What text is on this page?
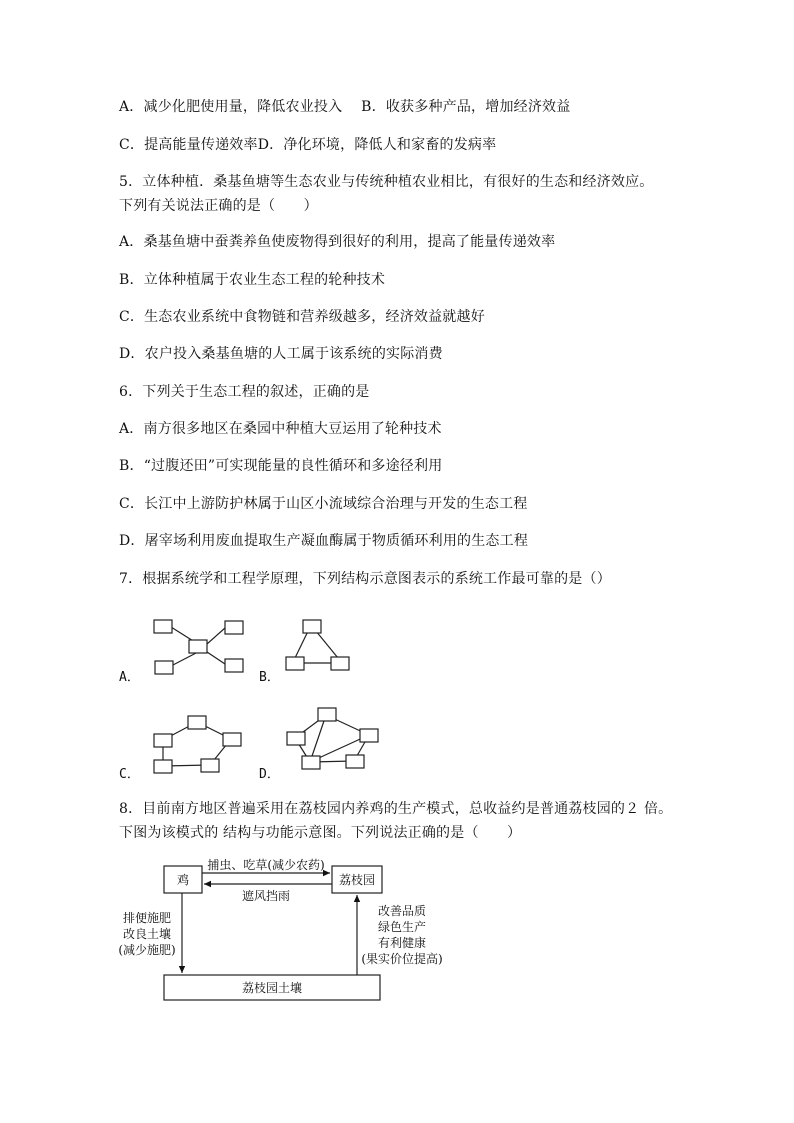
A．减少化肥使用量，降低农业投入　 B．收获多种产品，增加经济效益
C．提高能量传递效率D．净化环境，降低人和家畜的发病率
5．立体种植．桑基鱼塘等生态农业与传统种植农业相比，有很好的生态和经济效应。
下列有关说法正确的是（　　）
A．桑基鱼塘中蚕粪养鱼使废物得到很好的利用，提高了能量传递效率
B．立体种植属于农业生态工程的轮种技术
C．生态农业系统中食物链和营养级越多，经济效益就越好
D．农户投入桑基鱼塘的人工属于该系统的实际消费
6．下列关于生态工程的叙述，正确的是
A．南方很多地区在桑园中种植大豆运用了轮种技术
B．“过腹还田”可实现能量的良性循环和多途径利用
C．长江中上游防护林属于山区小流域综合治理与开发的生态工程
D．屠宰场利用废血提取生产凝血酶属于物质循环利用的生态工程
7．根据系统学和工程学原理，下列结构示意图表示的系统工作最可靠的是（）
A．	B．
C．	D．
8．目前南方地区普遍采用在荔枝园内养鸡的生产模式，总收益约是普通荔枝园的２ 倍。
下图为该模式的 结构与功能示意图。下列说法正确的是（　　）
鸡	荔枝园
荔枝园土壤
捕虫、吃草(减少农药)
遮风挡雨
排便施肥
改良土壤
(减少施肥)
改善品质
绿色生产
有利健康
(果实价位提高)
